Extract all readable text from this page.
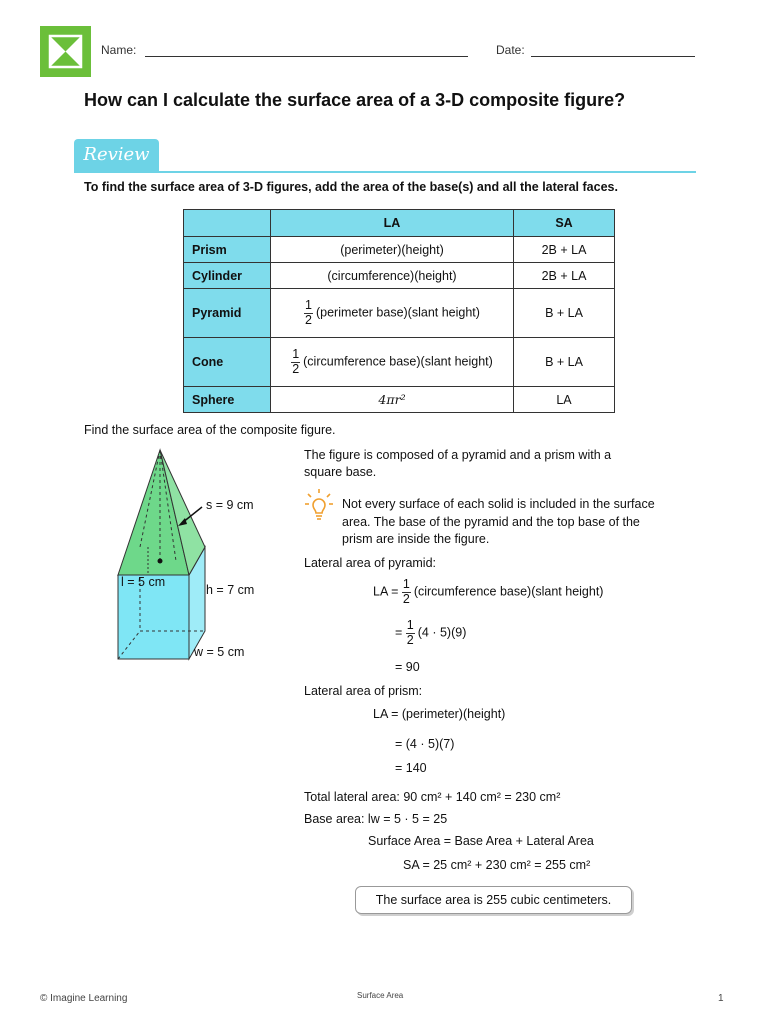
Name:	Date:
How can I calculate the surface area of a 3-D composite figure?
Review
To find the surface area of 3-D figures, add the area of the base(s) and all the lateral faces.
	LA	SA
Prism	(perimeter)(height)	2B + LA
Cylinder	(circumference)(height)	2B + LA
Pyramid	$\frac{1}{2}$ (perimeter base)(slant height)	B + LA
Cone	$\frac{1}{2}$ (circumference base)(slant height)	B + LA
Sphere	4πr²	LA
Find the surface area of the composite figure.
s = 9 cm
l = 5 cm
h = 7 cm
w = 5 cm
The figure is composed of a pyramid and a prism with a square base.
Not every surface of each solid is included in the surface area. The base of the pyramid and the top base of the prism are inside the figure.
Lateral area of pyramid:
LA = $\frac{1}{2}$ (circumference base)(slant height)
= $\frac{1}{2} (4 \cdot 5)(9)$
= 90
Lateral area of prism:
LA = (perimeter)(height)
= (4 · 5)(7)
= 140
Total lateral area: 90 cm² + 140 cm² = 230 cm²
Base area: lw = 5 · 5 = 25
Surface Area = Base Area + Lateral Area
SA = 25 cm² + 230 cm² = 255 cm²
The surface area is 255 cubic centimeters.
© Imagine Learning	Surface Area	1
